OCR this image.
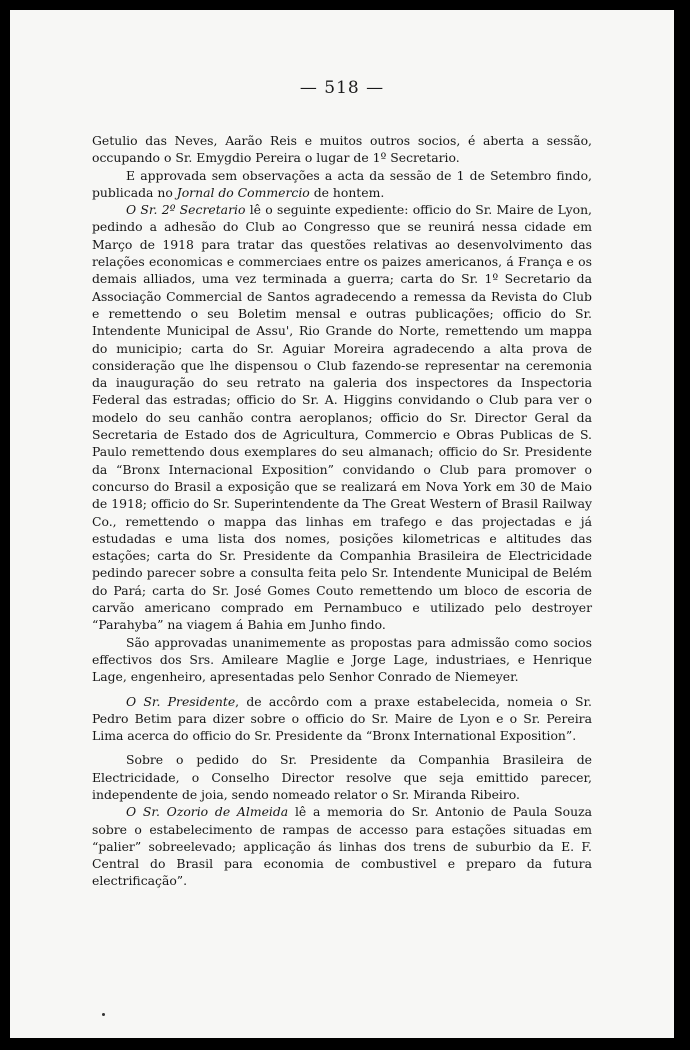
— 518 —

Getulio das Neves, Aarão Reis e muitos outros socios, é aberta a sessão, occupando o Sr. Emygdio Pereira o lugar de 1º Secretario.

E approvada sem observações a acta da sessão de 1 de Setembro findo, publicada no Jornal do Commercio de hontem.

O Sr. 2º Secretario lê o seguinte expediente: officio do Sr. Maire de Lyon, pedindo a adhesão do Club ao Congresso que se reunirá nessa cidade em Março de 1918 para tratar das questões relativas ao desenvolvimento das relações economicas e commerciaes entre os paizes americanos, á França e os demais alliados, uma vez terminada a guerra; carta do Sr. 1º Secretario da Associação Commercial de Santos agradecendo a remessa da Revista do Club e remettendo o seu Boletim mensal e outras publicações; officio do Sr. Intendente Municipal de Assu', Rio Grande do Norte, remettendo um mappa do municipio; carta do Sr. Aguiar Moreira agradecendo a alta prova de consideração que lhe dispensou o Club fazendo-se representar na ceremonia da inauguração do seu retrato na galeria dos inspectores da Inspectoria Federal das estradas; officio do Sr. A. Higgins convidando o Club para ver o modelo do seu canhão contra aeroplanos; officio do Sr. Director Geral da Secretaria de Estado dos de Agricultura, Commercio e Obras Publicas de S. Paulo remettendo dous exemplares do seu almanach; officio do Sr. Presidente da “Bronx Internacional Exposition” convidando o Club para promover o concurso do Brasil a exposição que se realizará em Nova York em 30 de Maio de 1918; officio do Sr. Superintendente da The Great Western of Brasil Railway Co., remettendo o mappa das linhas em trafego e das projectadas e já estudadas e uma lista dos nomes, posições kilometricas e altitudes das estações; carta do Sr. Presidente da Companhia Brasileira de Electricidade pedindo parecer sobre a consulta feita pelo Sr. Intendente Municipal de Belém do Pará; carta do Sr. José Gomes Couto remettendo um bloco de escoria de carvão americano comprado em Pernambuco e utilizado pelo destroyer “Parahyba” na viagem á Bahia em Junho findo.

São approvadas unanimemente as propostas para admissão como socios effectivos dos Srs. Amileare Maglie e Jorge Lage, industriaes, e Henrique Lage, engenheiro, apresentadas pelo Senhor Conrado de Niemeyer.

O Sr. Presidente, de accôrdo com a praxe estabelecida, nomeia o Sr. Pedro Betim para dizer sobre o officio do Sr. Maire de Lyon e o Sr. Pereira Lima acerca do officio do Sr. Presidente da “Bronx International Exposition”.

Sobre o pedido do Sr. Presidente da Companhia Brasileira de Electricidade, o Conselho Director resolve que seja emittido parecer, independente de joia, sendo nomeado relator o Sr. Miranda Ribeiro.

O Sr. Ozorio de Almeida lê a memoria do Sr. Antonio de Paula Souza sobre o estabelecimento de rampas de accesso para estações situadas em “palier” sobreelevado; applicação ás linhas dos trens de suburbio da E. F. Central do Brasil para economia de combustivel e preparo da futura electrificação”.
